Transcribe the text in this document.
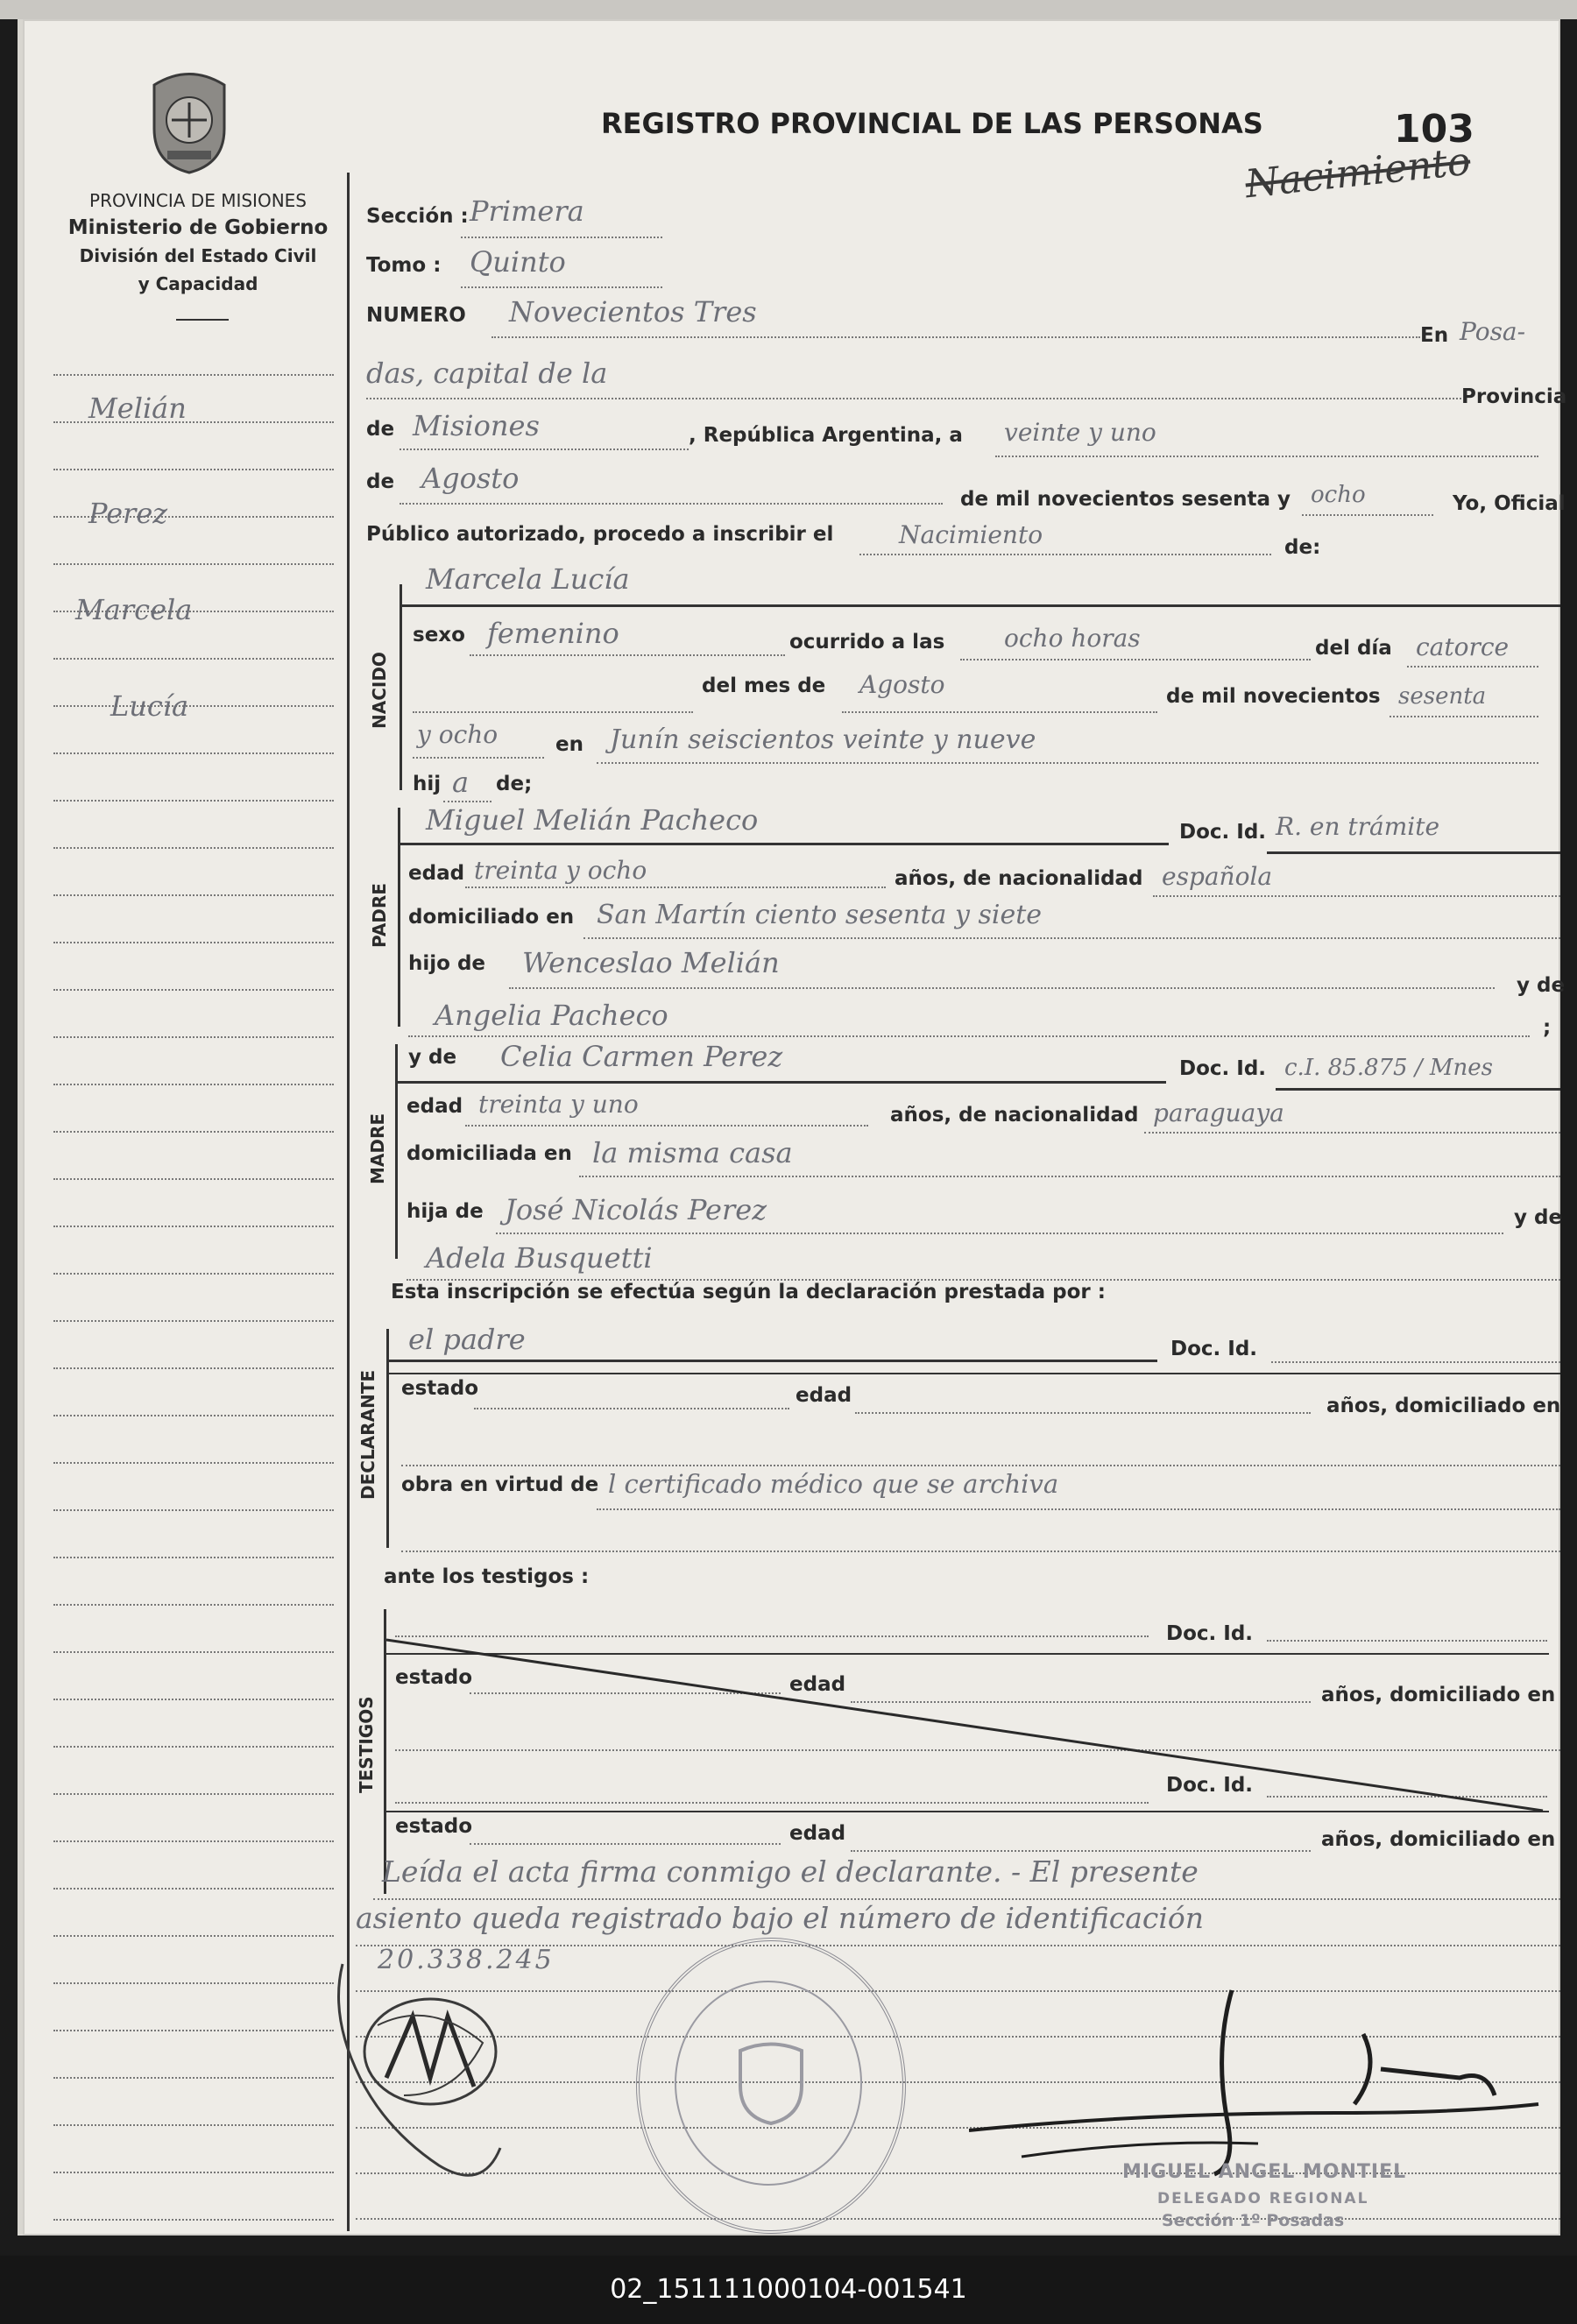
PROVINCIA DE MISIONES
Ministerio de Gobierno
División del Estado Civil
y Capacidad
Melián
Perez
Marcela
Lucía
REGISTRO PROVINCIAL DE LAS PERSONAS	103
Nacimiento
Sección : Primera
Tomo : Quinto
NUMERO Novecientos Tres
En Posa-
das, capital de la
Provincia
de Misiones	, República Argentina, a veinte y uno
de Agosto
de mil novecientos sesenta y ocho	Yo, Oficial
Público autorizado, procedo a inscribir el	Nacimiento	de:
NACIDO
Marcela Lucía
sexo femenino	ocurrido a las ocho horas	del día catorce
del mes de Agosto	de mil novecientos sesenta
y ocho	en Junín seiscientos veinte y nueve
hij a de;
PADRE
Miguel Melián Pacheco	Doc. Id. R. en trámite
edad treinta y ocho	años, de nacionalidad española
domiciliado en San Martín ciento sesenta y siete
hijo de Wenceslao Melián
y de
Angelia Pacheco	;
MADRE
y de Celia Carmen Perez	Doc. Id. c.I. 85.875 / Mnes
edad treinta y uno	años, de nacionalidad paraguaya
domiciliada en la misma casa
hija de José Nicolás Perez	y de
Adela Busquetti
Esta inscripción se efectúa según la declaración prestada por :
DECLARANTE
el padre	Doc. Id.
estado	edad	años, domiciliado en
obra en virtud de l certificado médico que se archiva
ante los testigos :
TESTIGOS
Doc. Id.
estado	edad	años, domiciliado en
Doc. Id.
estado	edad	años, domiciliado en
Leída el acta firma conmigo el declarante. - El presente
asiento queda registrado bajo el número de identificación
20.338.245
MIGUEL ANGEL MONTIEL
DELEGADO REGIONAL
Sección 1º Posadas
02_151111000104-001541
